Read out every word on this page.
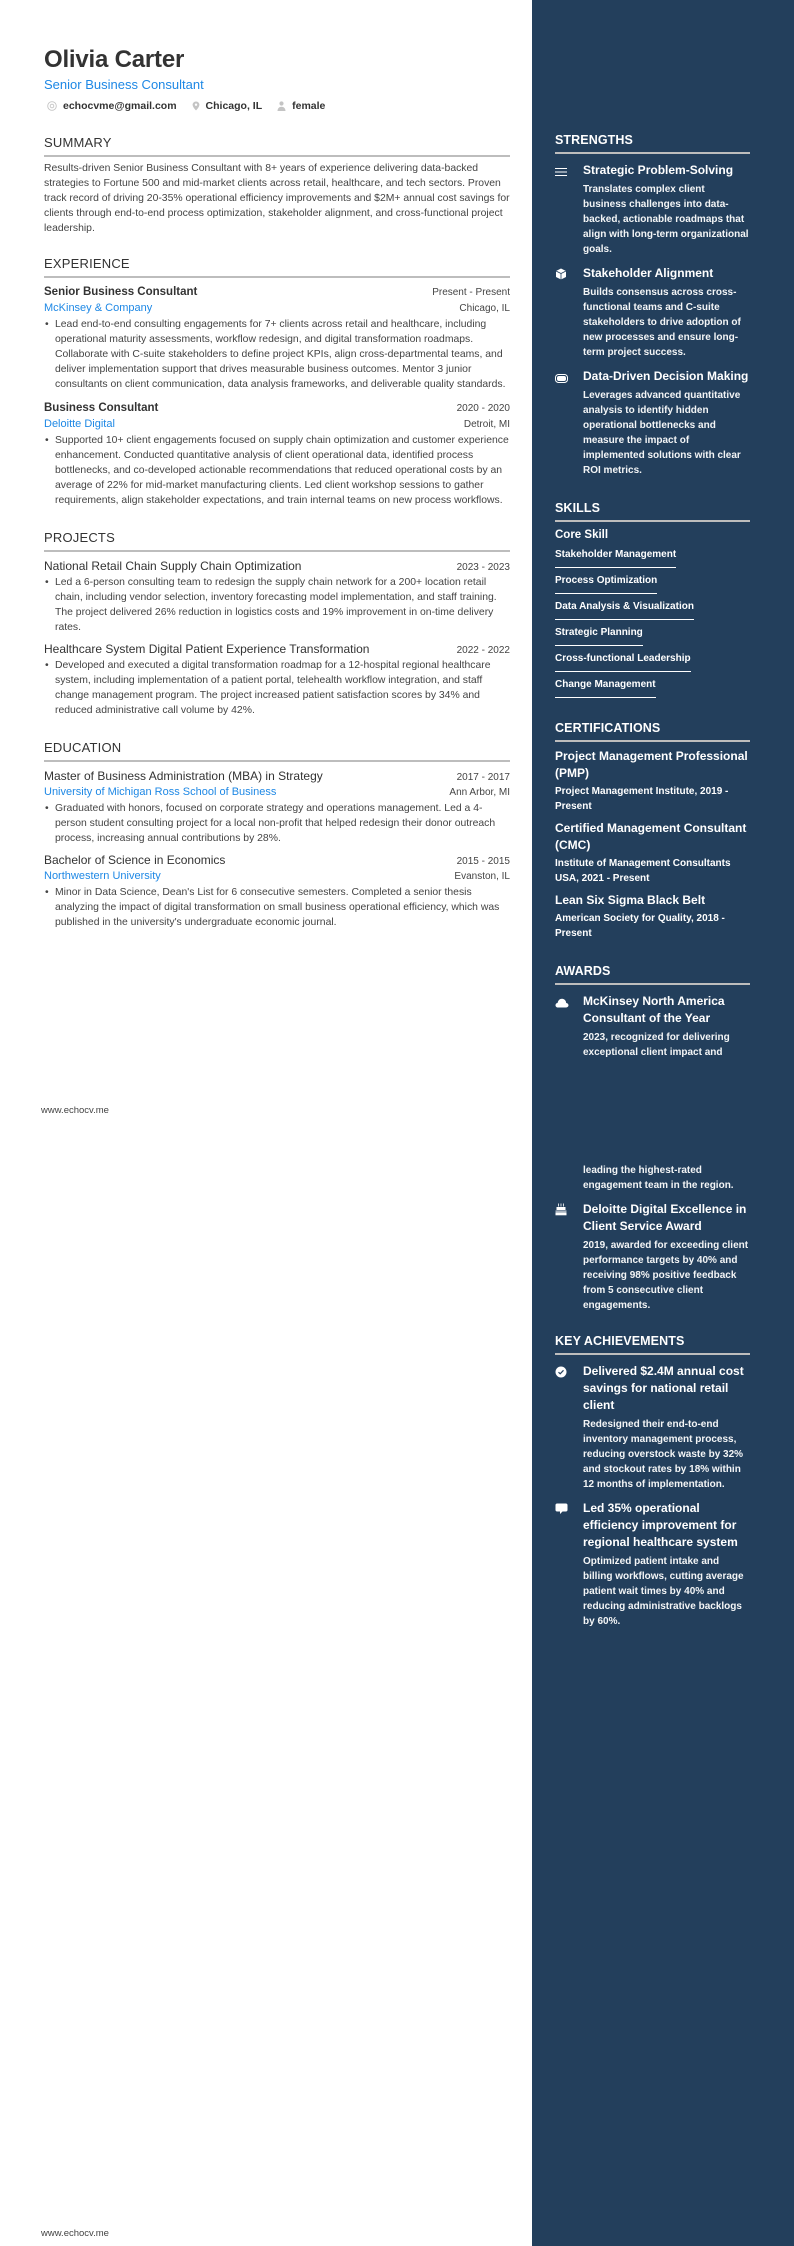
Olivia Carter
Senior Business Consultant
echocvme@gmail.com	Chicago, IL	female
SUMMARY

Results-driven Senior Business Consultant with 8+ years of experience delivering data-backed strategies to Fortune 500 and mid-market clients across retail, healthcare, and tech sectors. Proven track record of driving 20-35% operational efficiency improvements and $2M+ annual cost savings for clients through end-to-end process optimization, stakeholder alignment, and cross-functional project leadership.

EXPERIENCE
Senior Business Consultant	Present - Present
McKinsey & Company	Chicago, IL
• Lead end-to-end consulting engagements for 7+ clients across retail and healthcare, including operational maturity assessments, workflow redesign, and digital transformation roadmaps. Collaborate with C-suite stakeholders to define project KPIs, align cross-departmental teams, and deliver implementation support that drives measurable business outcomes. Mentor 3 junior consultants on client communication, data analysis frameworks, and deliverable quality standards.
Business Consultant	2020 - 2020
Deloitte Digital	Detroit, MI
• Supported 10+ client engagements focused on supply chain optimization and customer experience enhancement. Conducted quantitative analysis of client operational data, identified process bottlenecks, and co-developed actionable recommendations that reduced operational costs by an average of 22% for mid-market manufacturing clients. Led client workshop sessions to gather requirements, align stakeholder expectations, and train internal teams on new process workflows.
PROJECTS
National Retail Chain Supply Chain Optimization	2023 - 2023
• Led a 6-person consulting team to redesign the supply chain network for a 200+ location retail chain, including vendor selection, inventory forecasting model implementation, and staff training. The project delivered 26% reduction in logistics costs and 19% improvement in on-time delivery rates.
Healthcare System Digital Patient Experience Transformation	2022 - 2022
• Developed and executed a digital transformation roadmap for a 12-hospital regional healthcare system, including implementation of a patient portal, telehealth workflow integration, and staff change management program. The project increased patient satisfaction scores by 34% and reduced administrative call volume by 42%.
EDUCATION
Master of Business Administration (MBA) in Strategy	2017 - 2017
University of Michigan Ross School of Business	Ann Arbor, MI
• Graduated with honors, focused on corporate strategy and operations management. Led a 4-person student consulting project for a local non-profit that helped redesign their donor outreach process, increasing annual contributions by 28%.
Bachelor of Science in Economics	2015 - 2015
Northwestern University	Evanston, IL
• Minor in Data Science, Dean's List for 6 consecutive semesters. Completed a senior thesis analyzing the impact of digital transformation on small business operational efficiency, which was published in the university's undergraduate economic journal.
www.echocv.me
www.echocv.me
STRENGTHS
Strategic Problem-Solving
Translates complex client business challenges into data-backed, actionable roadmaps that align with long-term organizational goals.
Stakeholder Alignment
Builds consensus across cross-functional teams and C-suite stakeholders to drive adoption of new processes and ensure long-term project success.
Data-Driven Decision Making
Leverages advanced quantitative analysis to identify hidden operational bottlenecks and measure the impact of implemented solutions with clear ROI metrics.
SKILLS
Core Skill
Stakeholder Management
Process Optimization
Data Analysis & Visualization
Strategic Planning
Cross-functional Leadership
Change Management
CERTIFICATIONS
Project Management Professional (PMP)
Project Management Institute, 2019 - Present
Certified Management Consultant (CMC)
Institute of Management Consultants USA, 2021 - Present
Lean Six Sigma Black Belt
American Society for Quality, 2018 - Present
AWARDS
McKinsey North America Consultant of the Year
2023, recognized for delivering exceptional client impact and
leading the highest-rated engagement team in the region.
Deloitte Digital Excellence in Client Service Award
2019, awarded for exceeding client performance targets by 40% and receiving 98% positive feedback from 5 consecutive client engagements.
KEY ACHIEVEMENTS
Delivered $2.4M annual cost savings for national retail client
Redesigned their end-to-end inventory management process, reducing overstock waste by 32% and stockout rates by 18% within 12 months of implementation.
Led 35% operational efficiency improvement for regional healthcare system
Optimized patient intake and billing workflows, cutting average patient wait times by 40% and reducing administrative backlogs by 60%.
